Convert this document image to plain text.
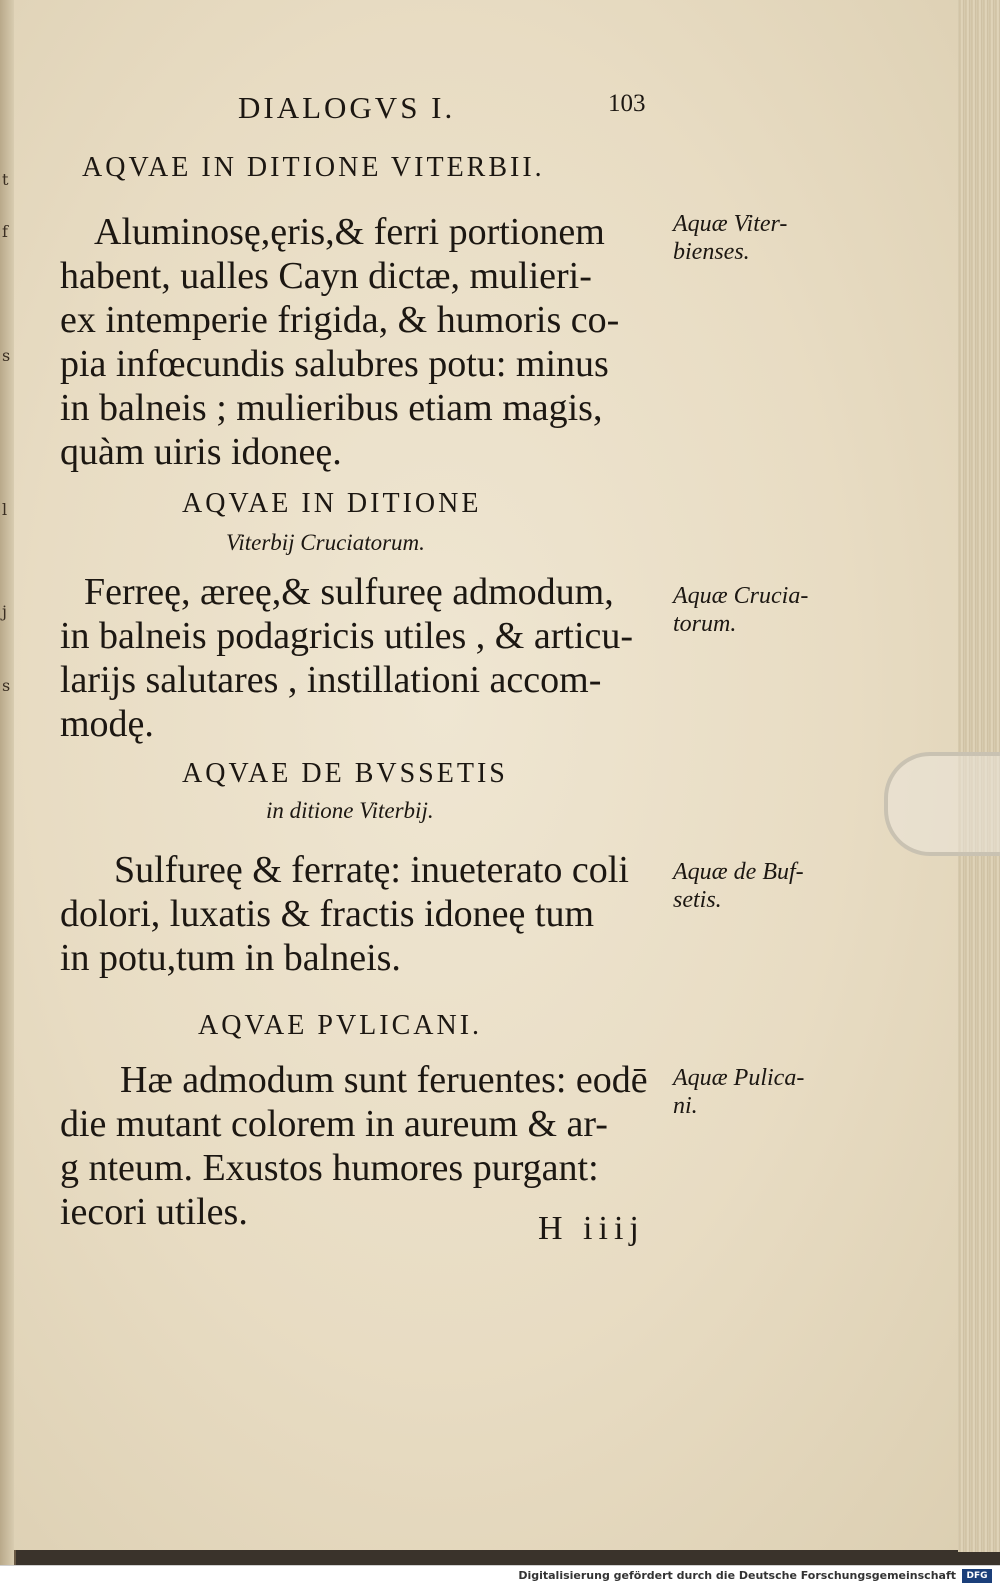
t
f
s
l
j
s

DIALOGVS I.	103
AQVAE IN DITIONE VITERBII.
Aluminosę,ęris,& ferri portionem
habent, ualles Cayn dictæ, mulieri-
ex intemperie frigida, & humoris co-
pia infœcundis salubres potu: minus
in balneis ; mulieribus etiam magis,
quàm uiris idoneę.
Aquæ Viter-
bienses.
AQVAE IN DITIONE
Viterbij Cruciatorum.
Ferreę, æreę,& sulfureę admodum,
in balneis podagricis utiles , & articu-
larijs salutares , instillationi accom-
modę.
Aquæ Crucia-
torum.
AQVAE DE BVSSETIS
in ditione Viterbij.
Sulfureę & ferratę: inueterato coli
dolori, luxatis & fractis idoneę tum
in potu,tum in balneis.
Aquæ de Buf-
setis.
AQVAE PVLICANI.
Hæ admodum sunt feruentes: eodē
die mutant colorem in aureum & ar-
g nteum. Exustos humores purgant:
iecori utiles.
Aquæ Pulica-
ni.
H iiij
Digitalisierung gefördert durch die Deutsche Forschungsgemeinschaft	DFG
